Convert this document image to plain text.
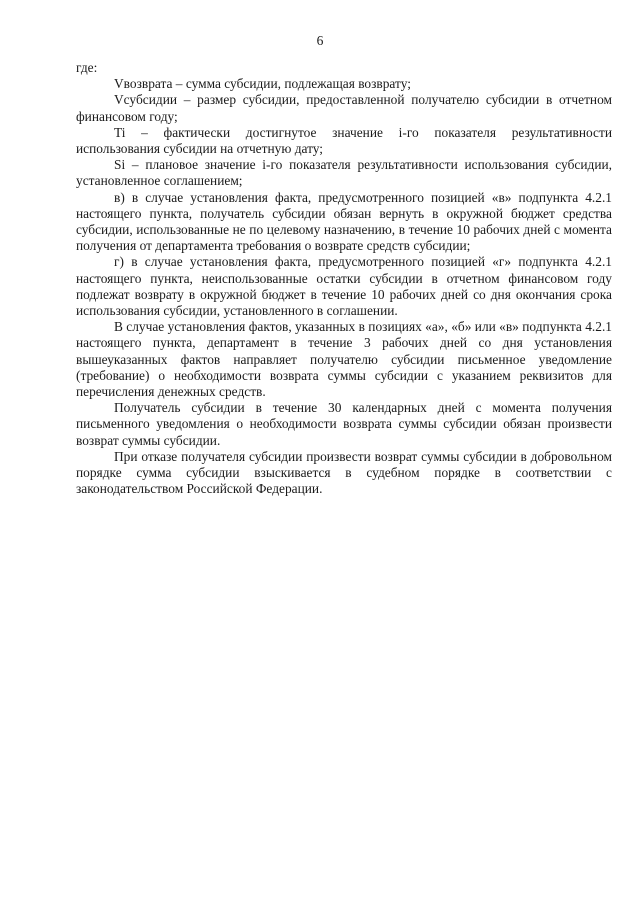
6

где:

Vвозврата – сумма субсидии, подлежащая возврату;

Vсубсидии – размер субсидии, предоставленной получателю субсидии в отчетном финансовом году;

Ti – фактически достигнутое значение i-го показателя результативности использования субсидии на отчетную дату;

Si – плановое значение i-го показателя результативности использования субсидии, установленное соглашением;

в) в случае установления факта, предусмотренного позицией «в» подпункта 4.2.1 настоящего пункта, получатель субсидии обязан вернуть в окружной бюджет средства субсидии, использованные не по целевому назначению, в течение 10 рабочих дней с момента получения от департамента требования о возврате средств субсидии;

г) в случае установления факта, предусмотренного позицией «г» подпункта 4.2.1 настоящего пункта, неиспользованные остатки субсидии в отчетном финансовом году подлежат возврату в окружной бюджет в течение 10 рабочих дней со дня окончания срока использования субсидии, установленного в соглашении.

В случае установления фактов, указанных в позициях «а», «б» или «в» подпункта 4.2.1 настоящего пункта, департамент в течение 3 рабочих дней со дня установления вышеуказанных фактов направляет получателю субсидии письменное уведомление (требование) о необходимости возврата суммы субсидии с указанием реквизитов для перечисления денежных средств.

Получатель субсидии в течение 30 календарных дней с момента получения письменного уведомления о необходимости возврата суммы субсидии обязан произвести возврат суммы субсидии.

При отказе получателя субсидии произвести возврат суммы субсидии в добровольном порядке сумма субсидии взыскивается в судебном порядке в соответствии с законодательством Российской Федерации.
